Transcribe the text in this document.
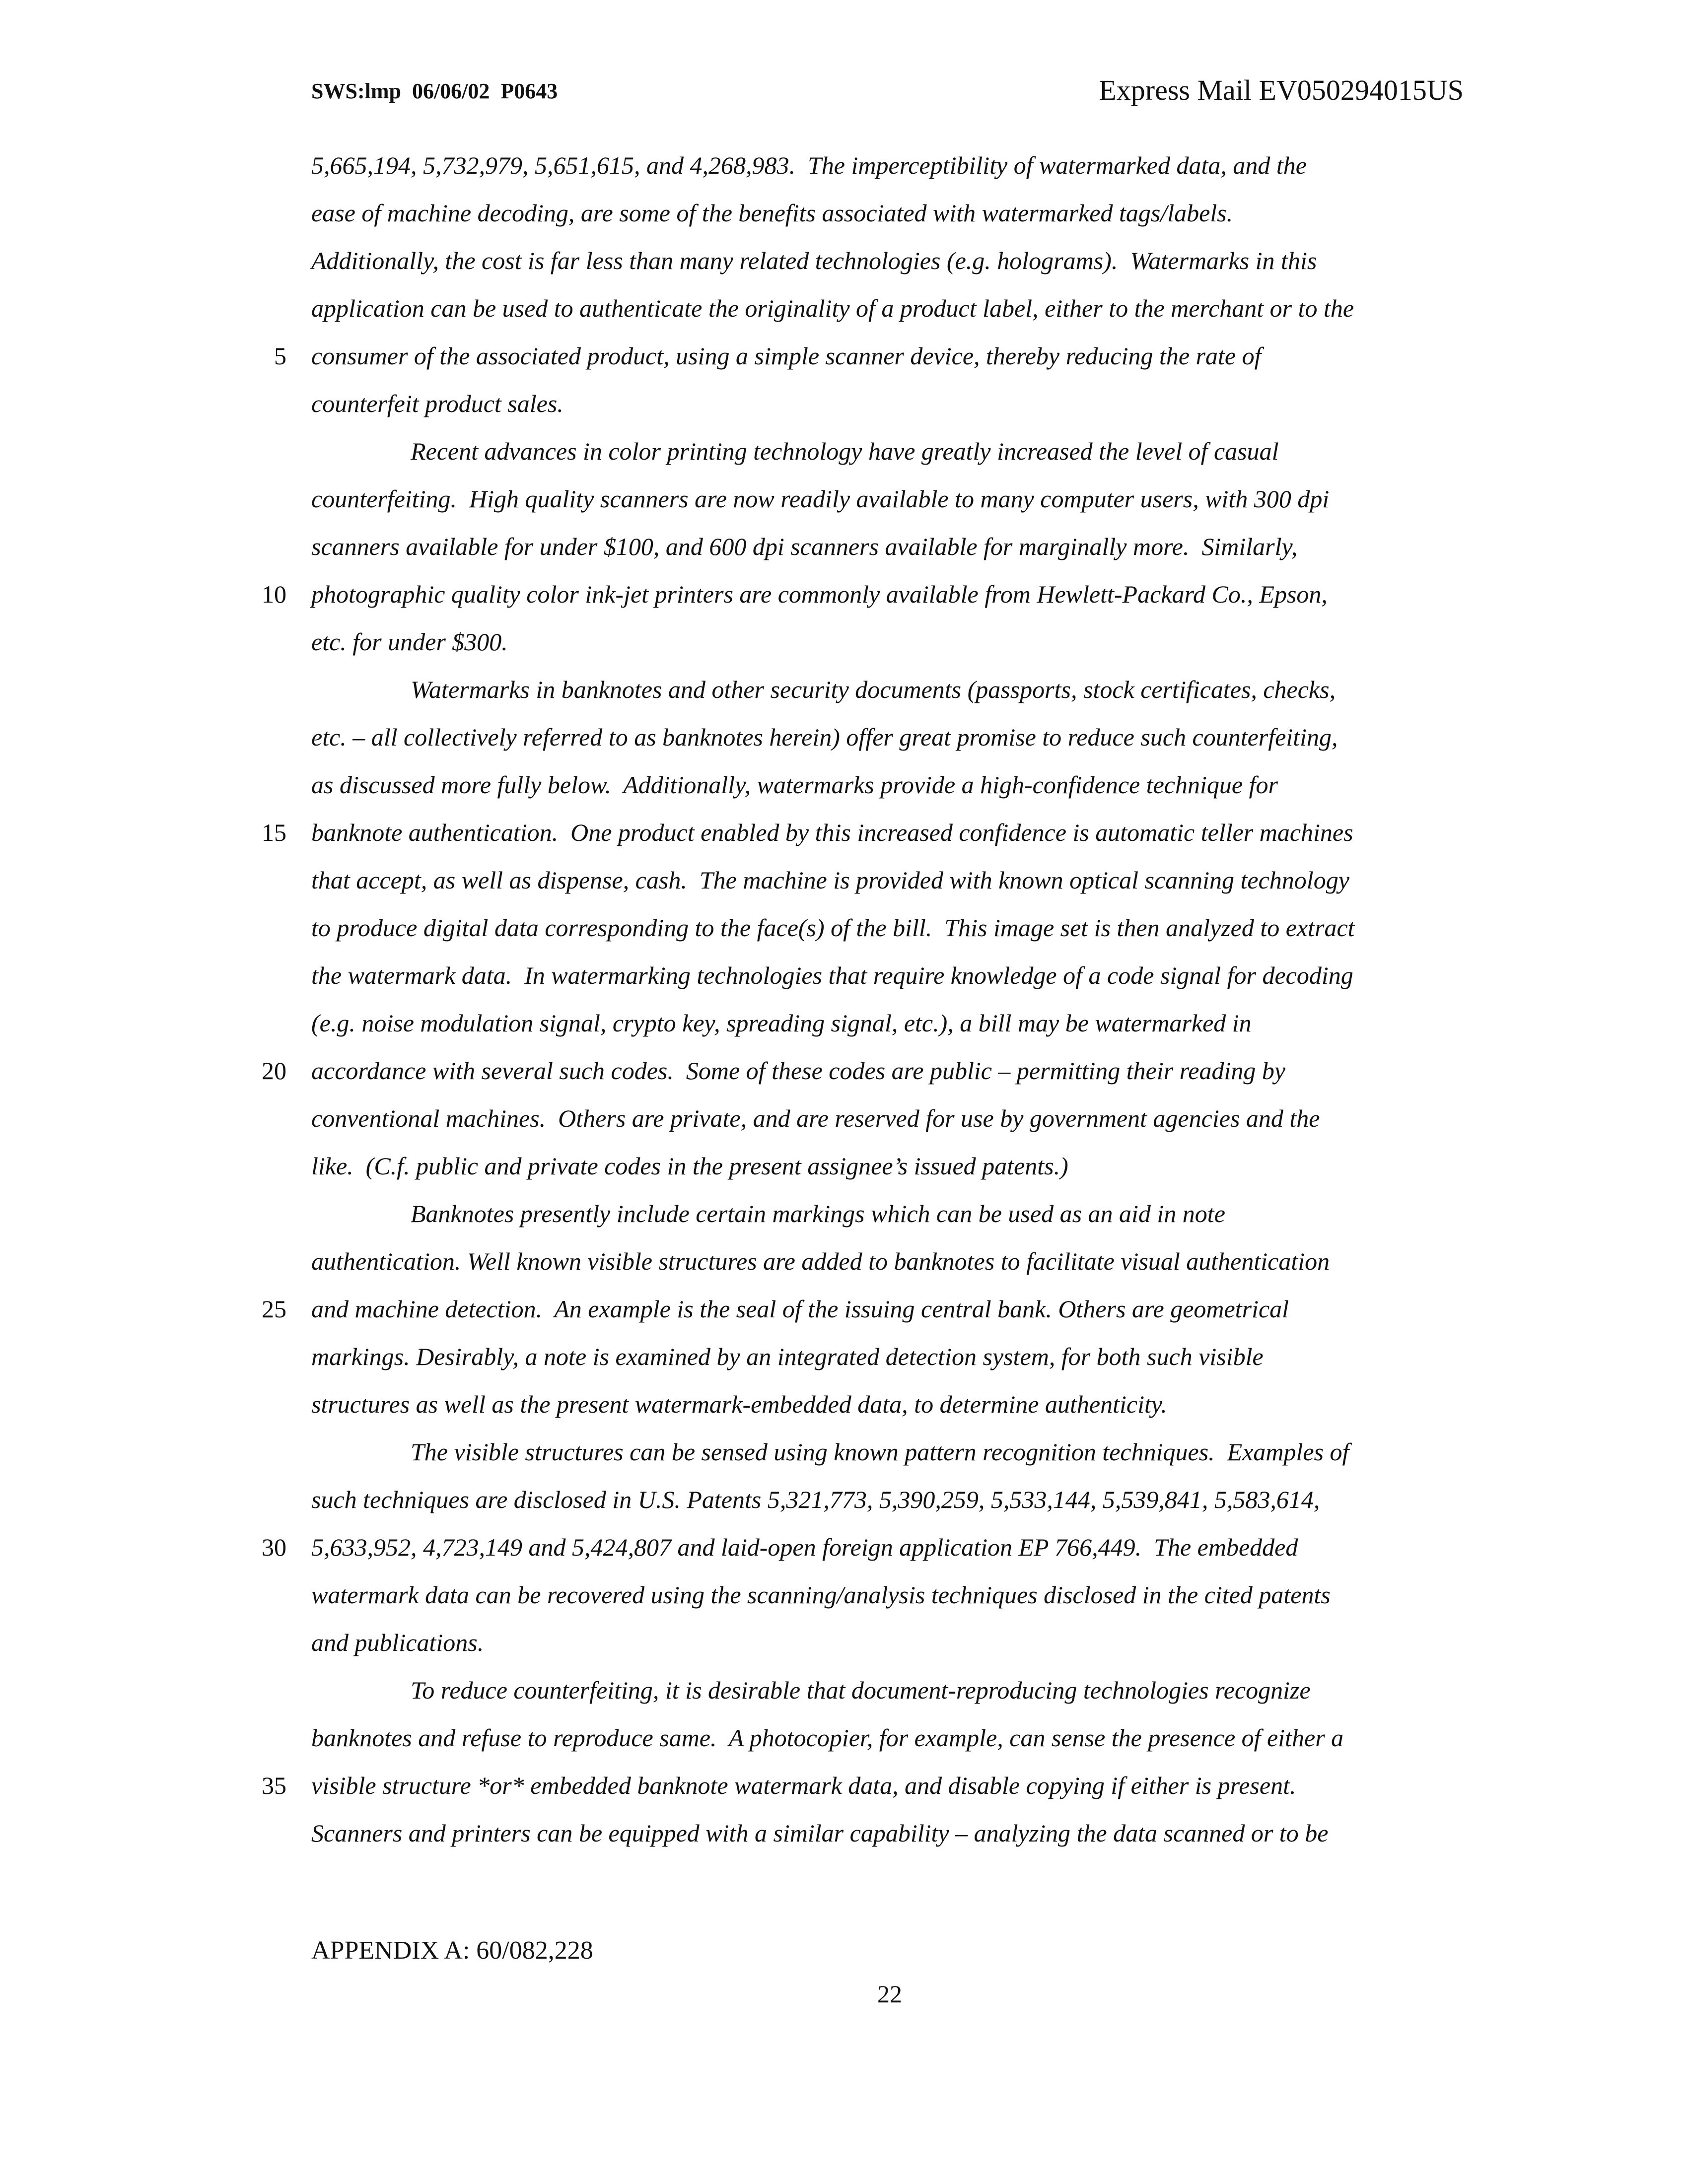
SWS:lmp  06/06/02  P0643	Express Mail EV050294015US
5,665,194, 5,732,979, 5,651,615, and 4,268,983.  The imperceptibility of watermarked data, and the
ease of machine decoding, are some of the benefits associated with watermarked tags/labels.
Additionally, the cost is far less than many related technologies (e.g. holograms).  Watermarks in this
application can be used to authenticate the originality of a product label, either to the merchant or to the
5 consumer of the associated product, using a simple scanner device, thereby reducing the rate of
counterfeit product sales.
Recent advances in color printing technology have greatly increased the level of casual
counterfeiting.  High quality scanners are now readily available to many computer users, with 300 dpi
scanners available for under $100, and 600 dpi scanners available for marginally more.  Similarly,
10 photographic quality color ink-jet printers are commonly available from Hewlett-Packard Co., Epson,
etc. for under $300.
Watermarks in banknotes and other security documents (passports, stock certificates, checks,
etc. – all collectively referred to as banknotes herein) offer great promise to reduce such counterfeiting,
as discussed more fully below.  Additionally, watermarks provide a high-confidence technique for
15 banknote authentication.  One product enabled by this increased confidence is automatic teller machines
that accept, as well as dispense, cash.  The machine is provided with known optical scanning technology
to produce digital data corresponding to the face(s) of the bill.  This image set is then analyzed to extract
the watermark data.  In watermarking technologies that require knowledge of a code signal for decoding
(e.g. noise modulation signal, crypto key, spreading signal, etc.), a bill may be watermarked in
20 accordance with several such codes.  Some of these codes are public – permitting their reading by
conventional machines.  Others are private, and are reserved for use by government agencies and the
like.  (C.f. public and private codes in the present assignee’s issued patents.)
Banknotes presently include certain markings which can be used as an aid in note
authentication. Well known visible structures are added to banknotes to facilitate visual authentication
25 and machine detection.  An example is the seal of the issuing central bank. Others are geometrical
markings. Desirably, a note is examined by an integrated detection system, for both such visible
structures as well as the present watermark-embedded data, to determine authenticity.
The visible structures can be sensed using known pattern recognition techniques.  Examples of
such techniques are disclosed in U.S. Patents 5,321,773, 5,390,259, 5,533,144, 5,539,841, 5,583,614,
30 5,633,952, 4,723,149 and 5,424,807 and laid-open foreign application EP 766,449.  The embedded
watermark data can be recovered using the scanning/analysis techniques disclosed in the cited patents
and publications.
To reduce counterfeiting, it is desirable that document-reproducing technologies recognize
banknotes and refuse to reproduce same.  A photocopier, for example, can sense the presence of either a
35 visible structure *or* embedded banknote watermark data, and disable copying if either is present.
Scanners and printers can be equipped with a similar capability – analyzing the data scanned or to be
APPENDIX A: 60/082,228
22
